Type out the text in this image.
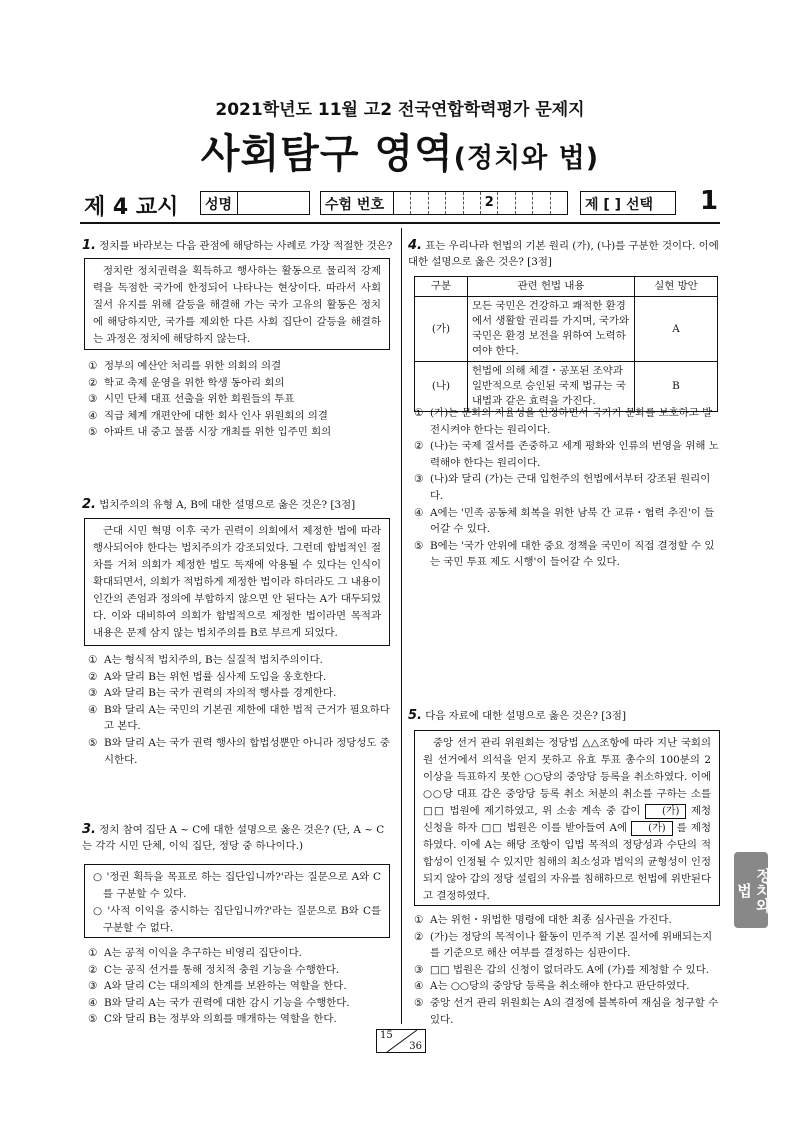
2021학년도 11월 고2 전국연합학력평가 문제지
사회탐구 영역(정치와 법)
제 4 교시 성명	수험 번호	2	제 [ ] 선택 1
1. 정치를 바라보는 다음 관점에 해당하는 사례로 가장 적절한 것은?
정치란 정치권력을 획득하고 행사하는 활동으로 물리적 강제력을 독점한 국가에 한정되어 나타나는 현상이다. 따라서 사회 질서 유지를 위해 갈등을 해결해 가는 국가 고유의 활동은 정치에 해당하지만, 국가를 제외한 다른 사회 집단이 갈등을 해결하는 과정은 정치에 해당하지 않는다.
① 정부의 예산안 처리를 위한 의회의 의결
② 학교 축제 운영을 위한 학생 동아리 회의
③ 시민 단체 대표 선출을 위한 회원들의 투표
④ 직급 체계 개편안에 대한 회사 인사 위원회의 의결
⑤ 아파트 내 중고 물품 시장 개최를 위한 입주민 회의
2. 법치주의의 유형 A, B에 대한 설명으로 옳은 것은? [3점]
근대 시민 혁명 이후 국가 권력이 의회에서 제정한 법에 따라 행사되어야 한다는 법치주의가 강조되었다. 그런데 합법적인 절차를 거쳐 의회가 제정한 법도 독재에 악용될 수 있다는 인식이 확대되면서, 의회가 적법하게 제정한 법이라 하더라도 그 내용이 인간의 존엄과 정의에 부합하지 않으면 안 된다는 A가 대두되었다. 이와 대비하여 의회가 합법적으로 제정한 법이라면 목적과 내용은 문제 삼지 않는 법치주의를 B로 부르게 되었다.
① A는 형식적 법치주의, B는 실질적 법치주의이다.
② A와 달리 B는 위헌 법률 심사제 도입을 옹호한다.
③ A와 달리 B는 국가 권력의 자의적 행사를 경계한다.
④ B와 달리 A는 국민의 기본권 제한에 대한 법적 근거가 필요하다고 본다.
⑤ B와 달리 A는 국가 권력 행사의 합법성뿐만 아니라 정당성도 중시한다.
3. 정치 참여 집단 A ~ C에 대한 설명으로 옳은 것은? (단, A ~ C는 각각 시민 단체, 이익 집단, 정당 중 하나이다.)
○ '정권 획득을 목표로 하는 집단입니까?'라는 질문으로 A와 C를 구분할 수 있다.
○ '사적 이익을 중시하는 집단입니까?'라는 질문으로 B와 C를 구분할 수 없다.
① A는 공적 이익을 추구하는 비영리 집단이다.
② C는 공직 선거를 통해 정치적 충원 기능을 수행한다.
③ A와 달리 C는 대의제의 한계를 보완하는 역할을 한다.
④ B와 달리 A는 국가 권력에 대한 감시 기능을 수행한다.
⑤ C와 달리 B는 정부와 의회를 매개하는 역할을 한다.
4. 표는 우리나라 헌법의 기본 원리 (가), (나)를 구분한 것이다. 이에 대한 설명으로 옳은 것은? [3점]
구분	관련 헌법 내용	실현 방안
(가)	모든 국민은 건강하고 쾌적한 환경에서 생활할 권리를 가지며, 국가와 국민은 환경 보전을 위하여 노력하여야 한다.	A
(나)	헌법에 의해 체결・공포된 조약과 일반적으로 승인된 국제 법규는 국내법과 같은 효력을 가진다.	B
① (가)는 문화의 자율성을 인정하면서 국가가 문화를 보호하고 발전시켜야 한다는 원리이다.
② (나)는 국제 질서를 존중하고 세계 평화와 인류의 번영을 위해 노력해야 한다는 원리이다.
③ (나)와 달리 (가)는 근대 입헌주의 헌법에서부터 강조된 원리이다.
④ A에는 '민족 공동체 회복을 위한 남북 간 교류・협력 추진'이 들어갈 수 있다.
⑤ B에는 '국가 안위에 대한 중요 정책을 국민이 직접 결정할 수 있는 국민 투표 제도 시행'이 들어갈 수 있다.
5. 다음 자료에 대한 설명으로 옳은 것은? [3점]
중앙 선거 관리 위원회는 정당법 △△조항에 따라 지난 국회의원 선거에서 의석을 얻지 못하고 유효 투표 총수의 100분의 2 이상을 득표하지 못한 ○○당의 중앙당 등록을 취소하였다. 이에 ○○당 대표 갑은 중앙당 등록 취소 처분의 취소를 구하는 소를 □□ 법원에 제기하였고, 위 소송 계속 중 갑이 (가) 제청 신청을 하자 □□ 법원은 이를 받아들여 A에 (가) 를 제청하였다. 이에 A는 해당 조항이 입법 목적의 정당성과 수단의 적합성이 인정될 수 있지만 침해의 최소성과 법익의 균형성이 인정되지 않아 갑의 정당 설립의 자유를 침해하므로 헌법에 위반된다고 결정하였다.
① A는 위헌・위법한 명령에 대한 최종 심사권을 가진다.
② (가)는 정당의 목적이나 활동이 민주적 기본 질서에 위배되는지를 기준으로 해산 여부를 결정하는 심판이다.
③ □□ 법원은 갑의 신청이 없더라도 A에 (가)를 제청할 수 있다.
④ A는 ○○당의 중앙당 등록을 취소해야 한다고 판단하였다.
⑤ 중앙 선거 관리 위원회는 A의 결정에 불복하여 재심을 청구할 수 있다.
15
36
정치와 법
